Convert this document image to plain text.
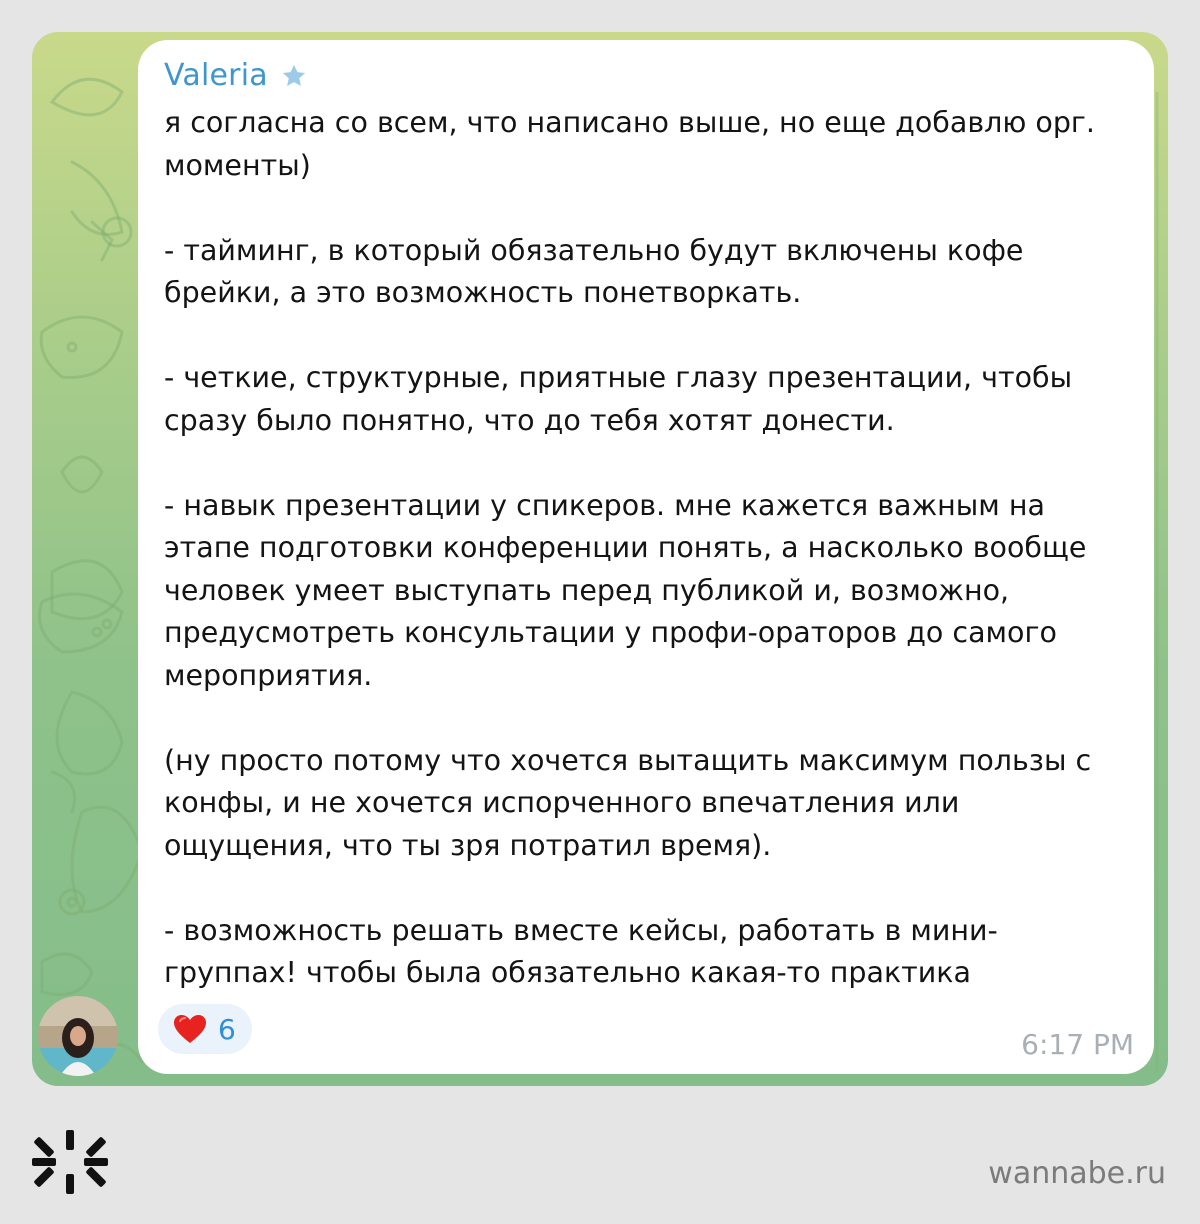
Valeria

я согласна со всем, что написано выше, но еще добавлю орг.
моменты)

- тайминг, в который обязательно будут включены кофе
брейки, а это возможность понетворкать.

- четкие, структурные, приятные глазу презентации, чтобы
сразу было понятно, что до тебя хотят донести.

- навык презентации у спикеров. мне кажется важным на
этапе подготовки конференции понять, а насколько вообще
человек умеет выступать перед публикой и, возможно,
предусмотреть консультации у профи-ораторов до самого
мероприятия.

(ну просто потому что хочется вытащить максимум пользы с
конфы, и не хочется испорченного впечатления или
ощущения, что ты зря потратил время).

- возможность решать вместе кейсы, работать в мини-
группах! чтобы была обязательно какая-то практика

6	6:17 PM
wannabe.ru
